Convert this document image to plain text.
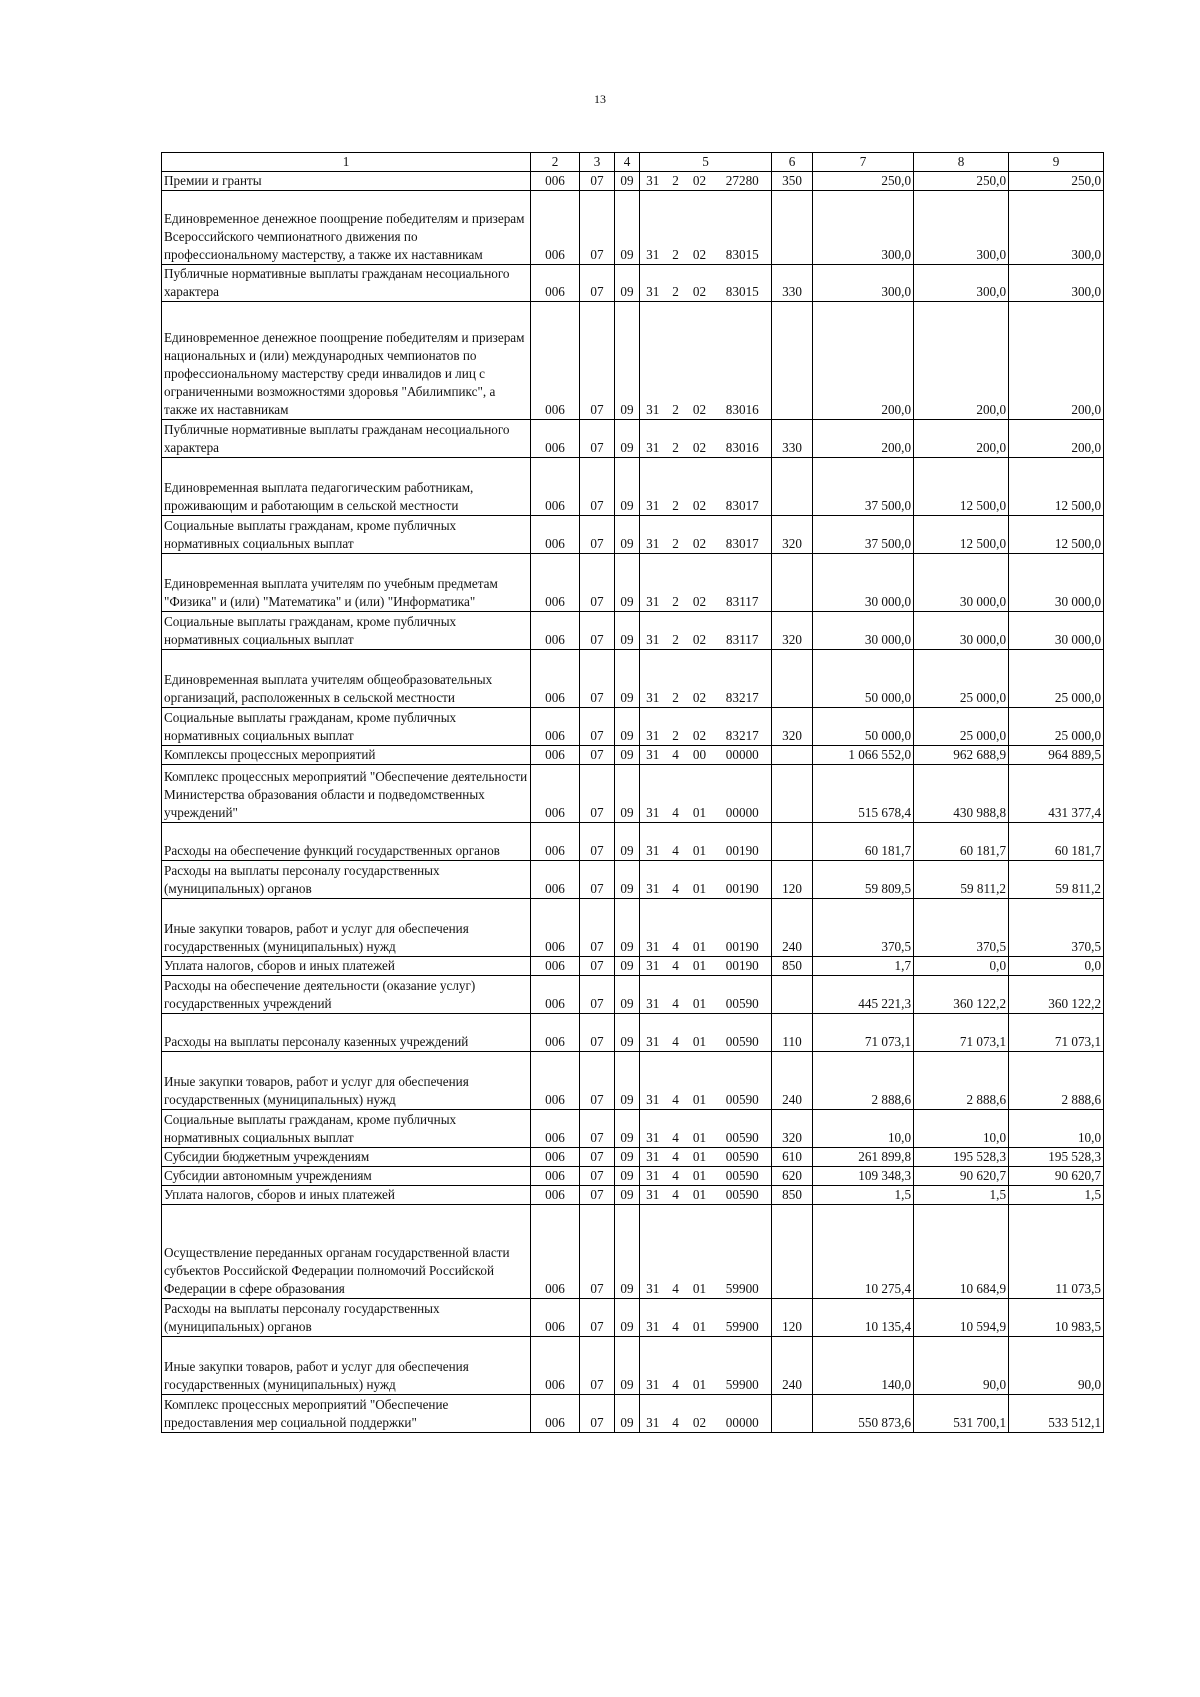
13
1	2	3	4	5				6	7	8	9
Премии и гранты	006	07	09	31	2	02	27280	350	250,0	250,0	250,0
Единовременное денежное поощрение победителям и призерам Всероссийского чемпионатного движения по профессиональному мастерству, а также их наставникам	006	07	09	31	2	02	83015		300,0	300,0	300,0
Публичные нормативные выплаты гражданам несоциального характера	006	07	09	31	2	02	83015	330	300,0	300,0	300,0
Единовременное денежное поощрение победителям и призерам национальных и (или) международных чемпионатов по профессиональному мастерству среди инвалидов и лиц с ограниченными возможностями здоровья "Абилимпикс", а также их наставникам	006	07	09	31	2	02	83016		200,0	200,0	200,0
Публичные нормативные выплаты гражданам несоциального характера	006	07	09	31	2	02	83016	330	200,0	200,0	200,0
Единовременная выплата педагогическим работникам, проживающим и работающим в сельской местности	006	07	09	31	2	02	83017		37 500,0	12 500,0	12 500,0
Социальные выплаты гражданам, кроме публичных нормативных социальных выплат	006	07	09	31	2	02	83017	320	37 500,0	12 500,0	12 500,0
Единовременная выплата учителям по учебным предметам "Физика" и (или) "Математика" и (или) "Информатика"	006	07	09	31	2	02	83117		30 000,0	30 000,0	30 000,0
Социальные выплаты гражданам, кроме публичных нормативных социальных выплат	006	07	09	31	2	02	83117	320	30 000,0	30 000,0	30 000,0
Единовременная выплата учителям общеобразовательных организаций, расположенных в сельской местности	006	07	09	31	2	02	83217		50 000,0	25 000,0	25 000,0
Социальные выплаты гражданам, кроме публичных нормативных социальных выплат	006	07	09	31	2	02	83217	320	50 000,0	25 000,0	25 000,0
Комплексы процессных мероприятий	006	07	09	31	4	00	00000		1 066 552,0	962 688,9	964 889,5
Комплекс процессных мероприятий "Обеспечение деятельности Министерства образования области и подведомственных учреждений"	006	07	09	31	4	01	00000		515 678,4	430 988,8	431 377,4
Расходы на обеспечение функций государственных органов	006	07	09	31	4	01	00190		60 181,7	60 181,7	60 181,7
Расходы на выплаты персоналу государственных (муниципальных) органов	006	07	09	31	4	01	00190	120	59 809,5	59 811,2	59 811,2
Иные закупки товаров, работ и услуг для обеспечения государственных (муниципальных) нужд	006	07	09	31	4	01	00190	240	370,5	370,5	370,5
Уплата налогов, сборов и иных платежей	006	07	09	31	4	01	00190	850	1,7	0,0	0,0
Расходы на обеспечение деятельности (оказание услуг) государственных учреждений	006	07	09	31	4	01	00590		445 221,3	360 122,2	360 122,2
Расходы на выплаты персоналу казенных учреждений	006	07	09	31	4	01	00590	110	71 073,1	71 073,1	71 073,1
Иные закупки товаров, работ и услуг для обеспечения государственных (муниципальных) нужд	006	07	09	31	4	01	00590	240	2 888,6	2 888,6	2 888,6
Социальные выплаты гражданам, кроме публичных нормативных социальных выплат	006	07	09	31	4	01	00590	320	10,0	10,0	10,0
Субсидии бюджетным учреждениям	006	07	09	31	4	01	00590	610	261 899,8	195 528,3	195 528,3
Субсидии автономным учреждениям	006	07	09	31	4	01	00590	620	109 348,3	90 620,7	90 620,7
Уплата налогов, сборов и иных платежей	006	07	09	31	4	01	00590	850	1,5	1,5	1,5
Осуществление переданных органам государственной власти субъектов Российской Федерации полномочий Российской Федерации в сфере образования	006	07	09	31	4	01	59900		10 275,4	10 684,9	11 073,5
Расходы на выплаты персоналу государственных (муниципальных) органов	006	07	09	31	4	01	59900	120	10 135,4	10 594,9	10 983,5
Иные закупки товаров, работ и услуг для обеспечения государственных (муниципальных) нужд	006	07	09	31	4	01	59900	240	140,0	90,0	90,0
Комплекс процессных мероприятий "Обеспечение предоставления мер социальной поддержки"	006	07	09	31	4	02	00000		550 873,6	531 700,1	533 512,1
